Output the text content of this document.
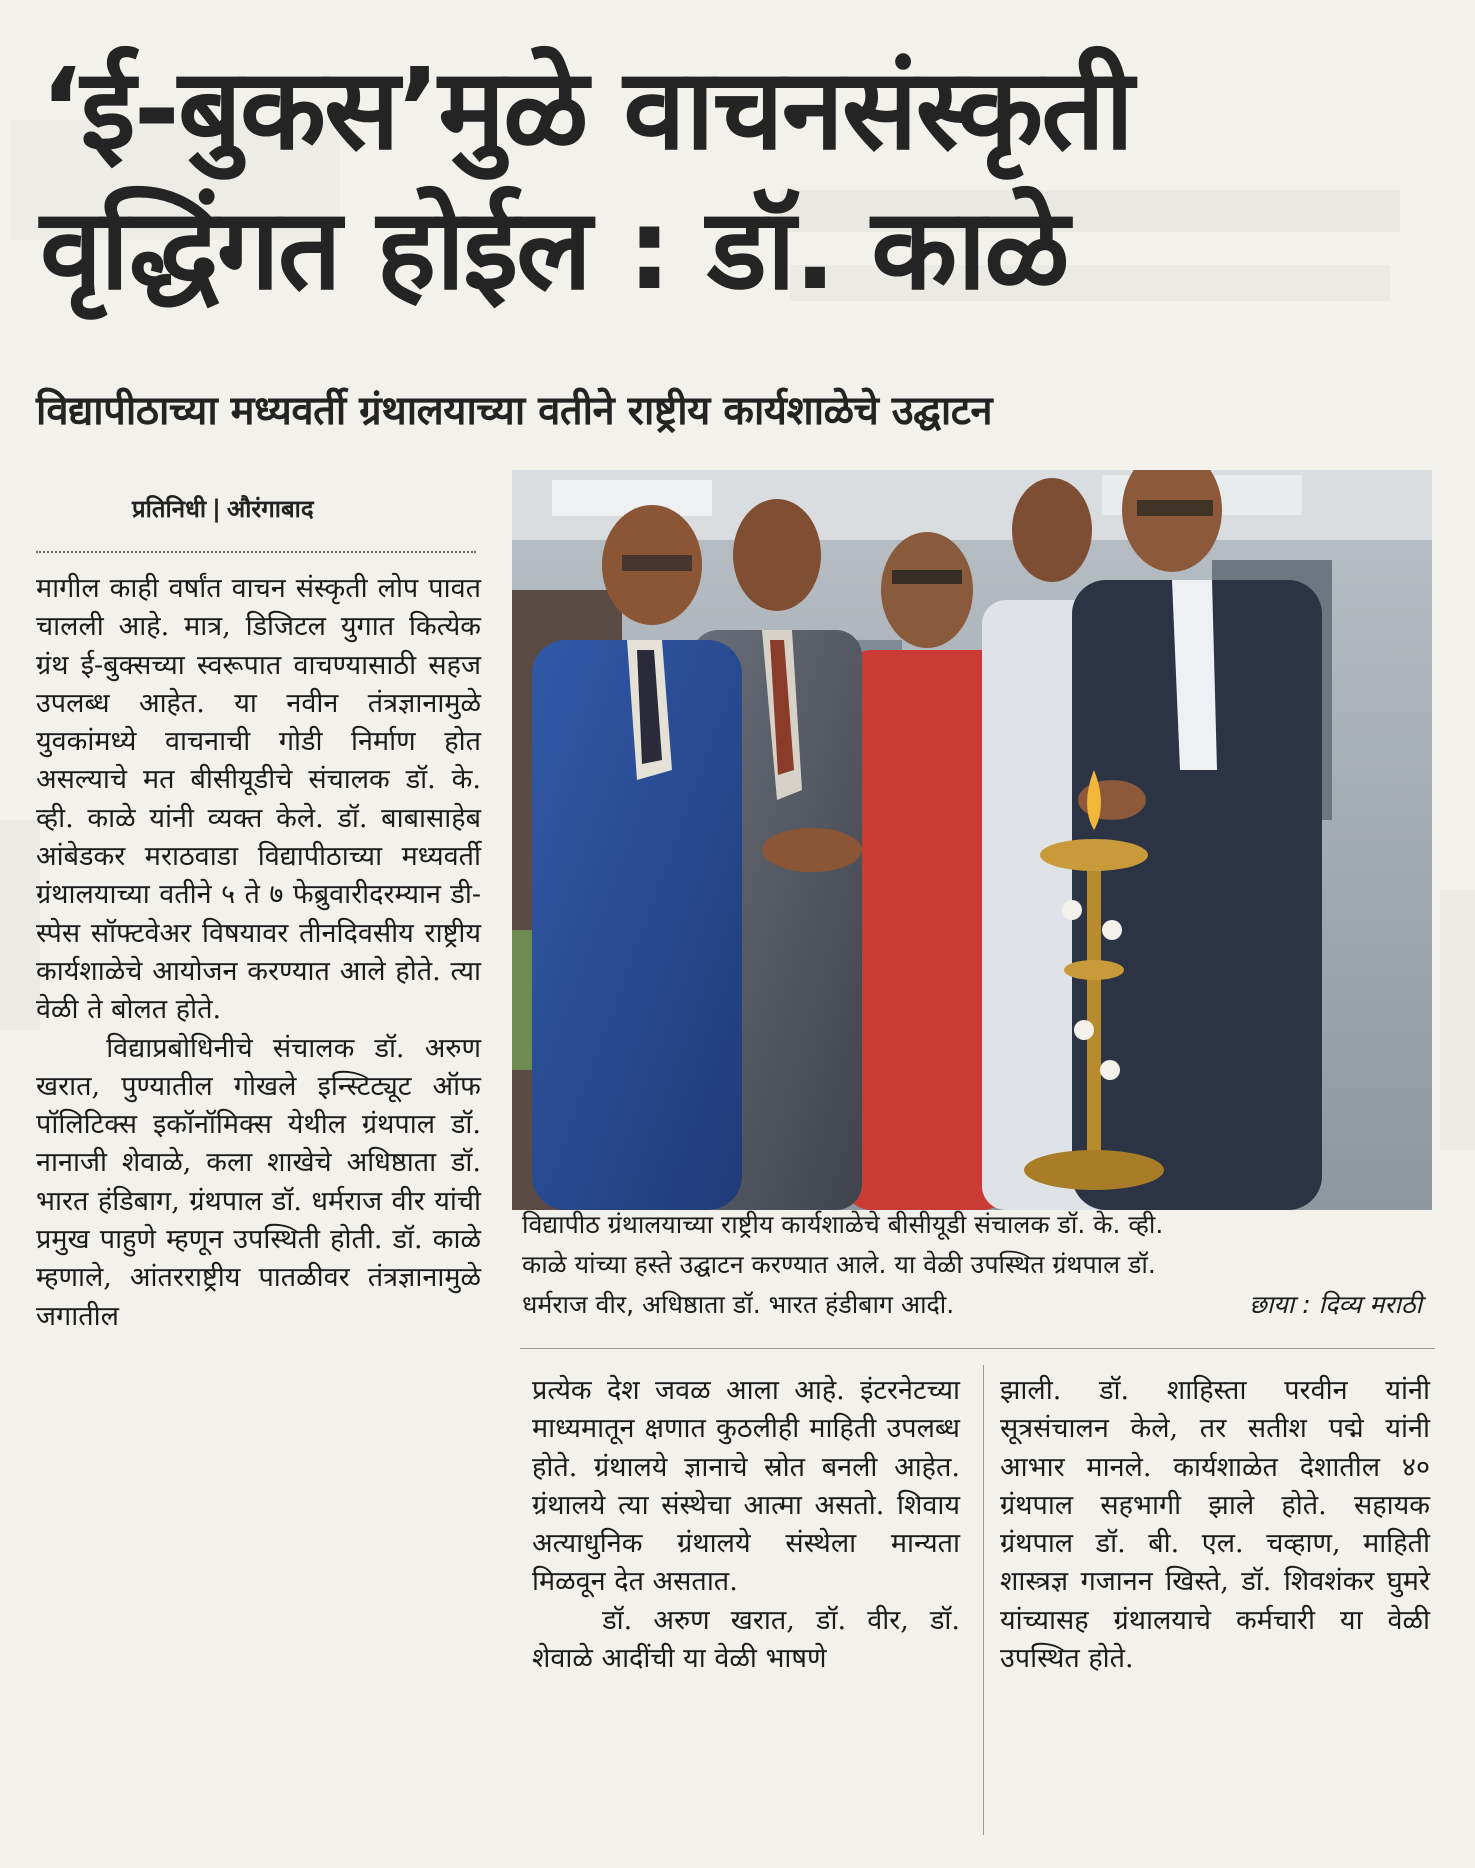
‘ई-बुकस’मुळे वाचनसंस्कृती वृद्धिंगत होईल : डॉ. काळे
विद्यापीठाच्या मध्यवर्ती ग्रंथालयाच्या वतीने राष्ट्रीय कार्यशाळेचे उद्घाटन
प्रतिनिधी | औरंगाबाद

मागील काही वर्षांत वाचन संस्कृती लोप पावत चालली आहे. मात्र, डिजिटल युगात कित्येक ग्रंथ ई-बुक्सच्या स्वरूपात वाचण्यासाठी सहज उपलब्ध आहेत. या नवीन तंत्रज्ञानामुळे युवकांमध्ये वाचनाची गोडी निर्माण होत असल्याचे मत बीसीयूडीचे संचालक डॉ. के. व्ही. काळे यांनी व्यक्त केले. डॉ. बाबासाहेब आंबेडकर मराठवाडा विद्यापीठाच्या मध्यवर्ती ग्रंथालयाच्या वतीने ५ ते ७ फेब्रुवारीदरम्यान डी-स्पेस सॉफ्टवेअर विषयावर तीनदिवसीय राष्ट्रीय कार्यशाळेचे आयोजन करण्यात आले होते. त्या वेळी ते बोलत होते.

विद्याप्रबोधिनीचे संचालक डॉ. अरुण खरात, पुण्यातील गोखले इन्स्टिट्यूट ऑफ पॉलिटिक्स इकॉनॉमिक्स येथील ग्रंथपाल डॉ. नानाजी शेवाळे, कला शाखेचे अधिष्ठाता डॉ. भारत हंडिबाग, ग्रंथपाल डॉ. धर्मराज वीर यांची प्रमुख पाहुणे म्हणून उपस्थिती होती. डॉ. काळे म्हणाले, आंतरराष्ट्रीय पातळीवर तंत्रज्ञानामुळे जगातील

विद्यापीठ ग्रंथालयाच्या राष्ट्रीय कार्यशाळेचे बीसीयूडी संचालक डॉ. के. व्ही. काळे यांच्या हस्ते उद्घाटन करण्यात आले. या वेळी उपस्थित ग्रंथपाल डॉ. धर्मराज वीर, अधिष्ठाता डॉ. भारत हंडीबाग आदी.	छाया : दिव्य मराठी

प्रत्येक देश जवळ आला आहे. इंटरनेटच्या माध्यमातून क्षणात कुठलीही माहिती उपलब्ध होते. ग्रंथालये ज्ञानाचे स्रोत बनली आहेत. ग्रंथालये त्या संस्थेचा आत्मा असतो. शिवाय अत्याधुनिक ग्रंथालये संस्थेला मान्यता मिळवून देत असतात.

डॉ. अरुण खरात, डॉ. वीर, डॉ. शेवाळे आदींची या वेळी भाषणे

झाली. डॉ. शाहिस्ता परवीन यांनी सूत्रसंचालन केले, तर सतीश पद्मे यांनी आभार मानले. कार्यशाळेत देशातील ४० ग्रंथपाल सहभागी झाले होते. सहायक ग्रंथपाल डॉ. बी. एल. चव्हाण, माहिती शास्त्रज्ञ गजानन खिस्ते, डॉ. शिवशंकर घुमरे यांच्यासह ग्रंथालयाचे कर्मचारी या वेळी उपस्थित होते.
